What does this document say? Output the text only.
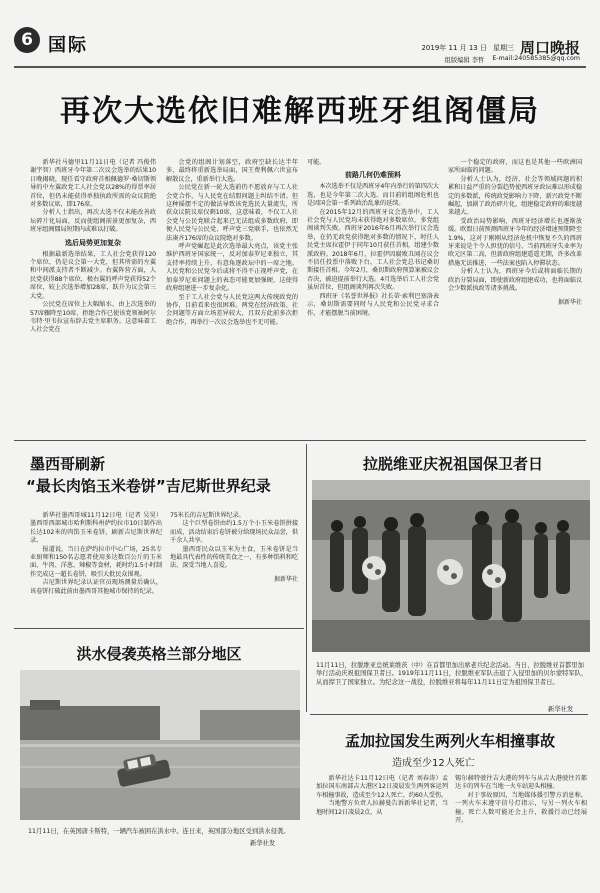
6 国际	2019年 11 月 13 日 星期三 周口晚报
组版编辑 李哲 E-mail:240585385@qq.com
再次大选依旧难解西班牙组阁僵局

新华社马德里11月11日电（记者 冯俊伟 谢宇智）西班牙今年第二次议会选举的结果10日晚揭晓，现任看守政府首相佩德罗·桑切斯领导的中左翼政党工人社会党以28%的得票率居首位，但仍未能获得单独执政所需的众议院绝对多数议席，即176席。

分析人士指出，再次大选不仅未能改善政坛碎片化局面，反而使组阁前景更加复杂，西班牙组阁僵局短期内或难以打破。

选后局势更加复杂

根据最新选举结果，工人社会党获得120个席位，仍是议会第一大党，但其所需的左翼和中间派支持者不断减少。右翼阵营方面，人民党获得88个席位，极右翼的呼声党获得52个席位，较上次选举增加28席，跃升为议会第三大党。

公民党在席位上大幅缩水，由上次选举的57席骤降至10席，拒绝合作已使该党领袖阿尔韦特·里韦拉宣布辞去党主席职务。这意味着工人社会党在

会党的组阁计划落空，政府空缺长达半年多，最终将重新选举局面，国王费利佩六世宣布解散议会，重新举行大选。

公民党在新一轮大选前仍不愿放弃与工人社会党合作，与人民党在结盟问题上纠结不清。但这种摇摆不定的做法导致该党选民大量流失，所获众议院议席仅剩10席，这意味着，不仅工人社会党与公民党联合起来已无法组成多数政府，即便人民党与公民党、呼声党三党联手，也依然无法凑齐176席的众议院绝对多数。

呼声党崛起是此次选举最大亮点，该党主张维护西班牙国家统一，反对加泰罗尼亚独立，其支持率持续上升，有意角逐政坛中的一席之地。人民党和公民党今后或将不得不正视呼声党，在加泰罗尼亚问题上的表态可能更加强硬，这使得政府组建进一步复杂化。

至于工人社会党与人民党这两大传统政党的协作，目前看来也很困难。两党在经济政策、社会问题等方面立场差异较大，且双方此前多次拒绝合作，再举行一次议会选举也不无可能。

可能。

前路几何仍难预料

本次选举不仅是西班牙4年内举行的第四次大选，也是今年第二次大选。而目前的组阁危机也是因国会第一系列政治乱象的延续。

在2015年12月的西班牙议会选举中，工人社会党与人民党均未获得绝对多数席位，多党组阁谈判失败。西班牙2016年6月再次举行议会选举，在仍无政党获得绝对多数的情况下，时任人民党主席拉霍伊于同年10月获任首相，组建少数派政府。2018年6月，拉霍伊因腐败丑闻在议会不信任投票中落败下台，工人社会党总书记桑切斯接任首相。今年2月，桑切斯政府预算案被议会否决，被迫提前举行大选。4月选举后工人社会党虽居首位，但组阁谈判再次失败。

西班牙《名誉世界报》社长蒂·索利巴塞洛表示，桑切斯需要同时与人民党和公民党寻求合作，才能摆脱当前困境。

一个稳定的政府，而这也是其他一些欧洲国家所面临的问题。

分析人士认为，经济、社会等领域问题的积累和日益严重的分裂趋势使西班牙政坛难以形成稳定的多数派，传统政党影响力下降，新兴政党不断崛起，加剧了政治碎片化，组建稳定政府的难度越来越大。

受政治局势影响，西班牙经济增长也逐渐放缓。欧盟日前预测西班牙今年的经济增速预期降至1.9%，这对于刚刚从经济危机中恢复不久的西班牙来说是个令人担忧的信号。当前西班牙失业率为欧元区第二高，但新政府组建遥遥无期，许多改革措施无法推进，一些法案也陷入停滞状态。

分析人士认为，西班牙今后或将面临长期的政治分裂局面，即使新政府组建成功，也将面临议会少数派执政等诸多挑战。

据新华社
墨西哥刷新
“最长肉馅玉米卷饼”吉尼斯世界纪录

新华社墨西哥城11月12日电（记者 吴昊）墨西哥西部城市哈利斯科州萨约拉市10日制作出长达102米的肉馅玉米卷饼，刷新吉尼斯世界纪录。

报道说，当日在萨约拉市中心广场，25名专业厨师和150名志愿者使用多达数百公斤的玉米面、牛肉、洋葱、辣椒等食材，耗时约1.5小时制作完成这一超长卷饼，吸引大批民众围观。

吉尼斯世界纪录认证官员现场测量后确认，该卷饼打破此前由墨西哥其他城市保持的纪录。

75米长的吉尼斯世界纪录。

这个巨型卷饼由约1.5万个小玉米卷饼拼接而成，活动结束后卷饼被分给现场民众品尝，供千余人共享。

墨西哥民众以玉米为主食，玉米卷饼是当地最具代表性的传统美食之一，有多种馅料和吃法，深受当地人喜爱。

据新华社
洪水侵袭英格兰部分地区
11月11日，在英国唐卡斯特，一辆汽车被困在洪水中。连日来，英国部分地区受到洪水侵袭。
新华社发
拉脱维亚庆祝祖国保卫者日
11月11日，拉脱维亚总统莱维茨（中）在首都里加出席老兵纪念活动。当日，拉脱维亚首都里加举行活动庆祝祖国保卫者日。1919年11月11日，拉脱维亚军队击退了入侵里加的贝尔蒙特军队，从而捍卫了国家独立。为纪念这一战役，拉脱维亚将每年11月11日定为祖国保卫者日。
新华社发
孟加拉国发生两列火车相撞事故
造成至少12人死亡

新华社达卡11月12日电（记者 刘春涛）孟加拉国东南部吉大港区12日凌晨发生两列客运列车相撞事故，造成至少12人死亡、约60人受伤。

当地警方负责人拉赫曼告诉新华社记者，当地时间12日凌晨2点，从

锡尔赫特驶往吉大港的列车与从吉大港驶往首都达卡的列车在当地一火车站迎头相撞。

对于事故原因，当地媒体援引警方消息称，一列火车未遵守信号灯指示，与另一列火车相撞。死亡人数可能还会上升，救援行动已经展开。
